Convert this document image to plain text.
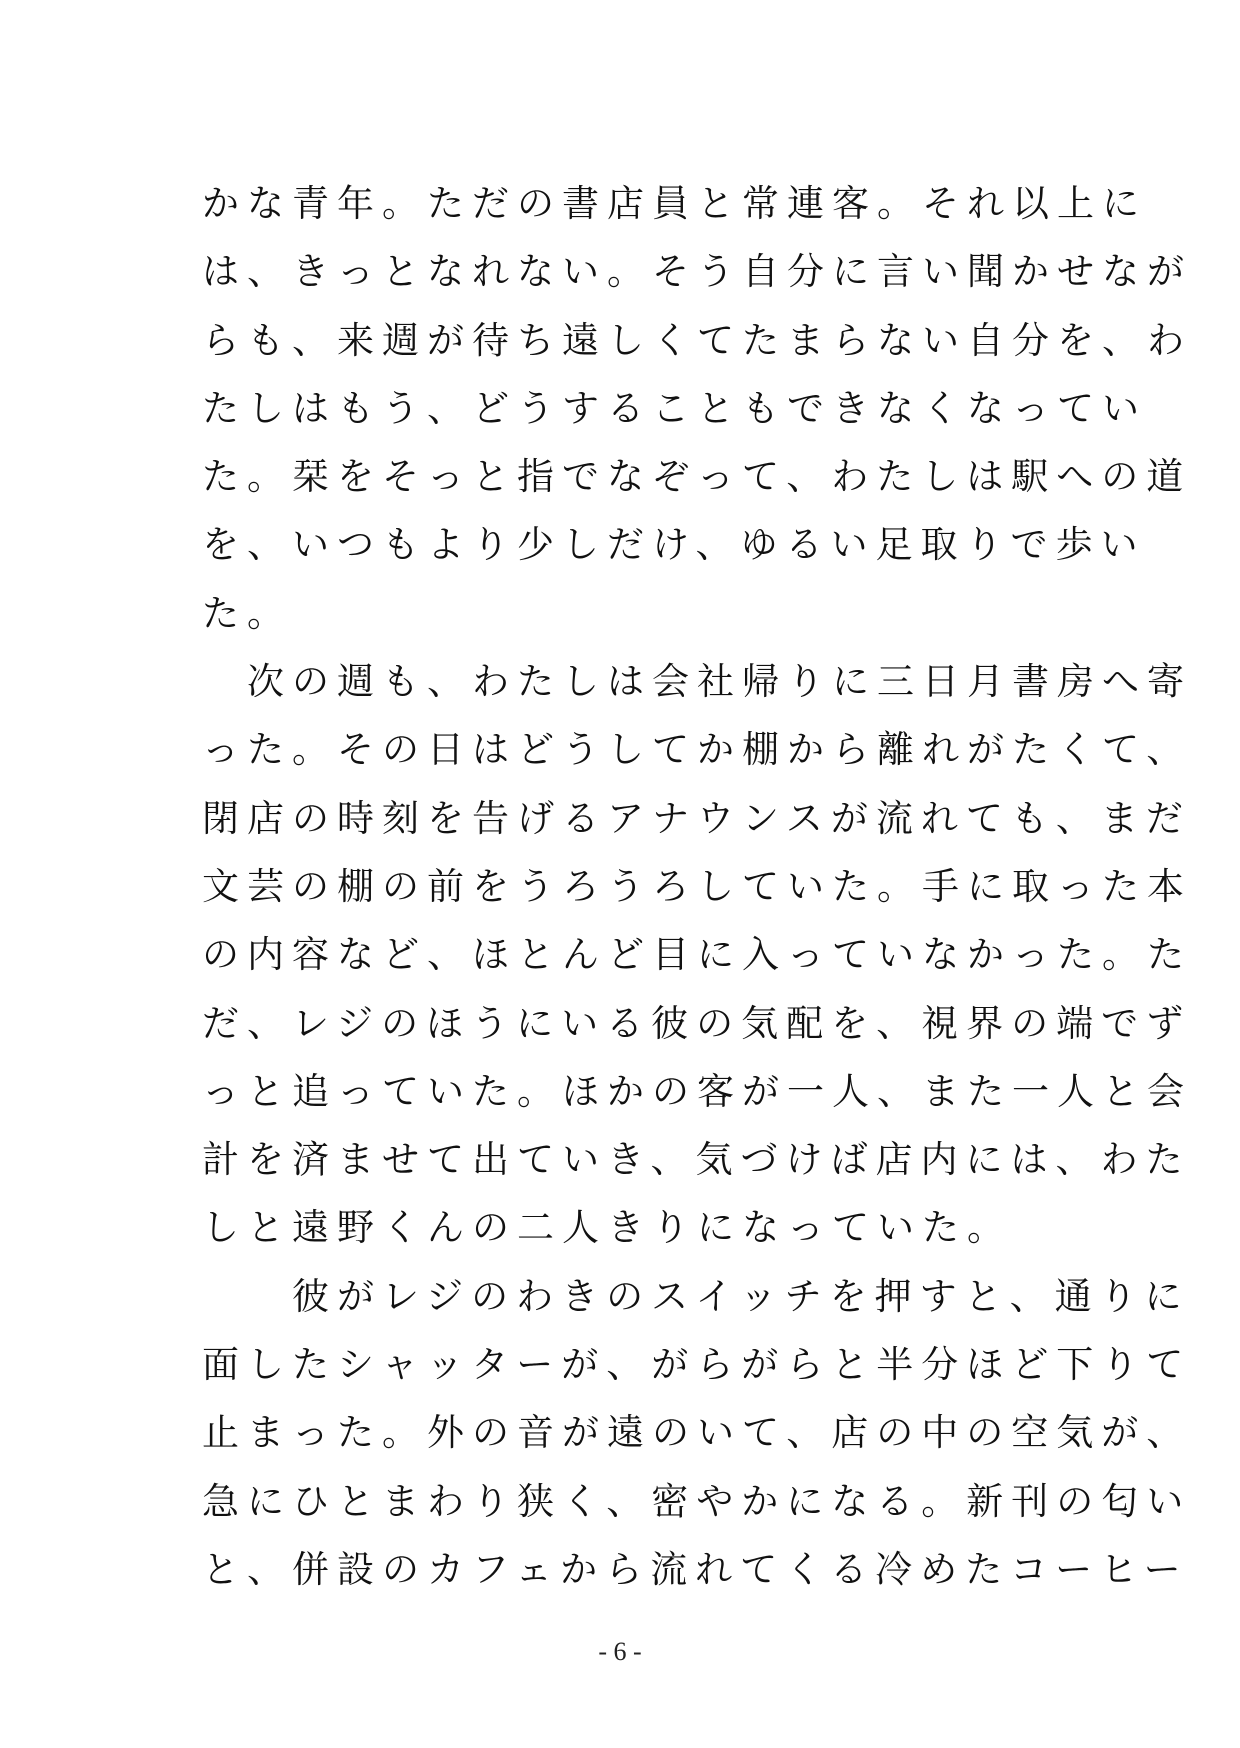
かな青年。ただの書店員と常連客。それ以上に
は、きっとなれない。そう自分に言い聞かせなが
らも、来週が待ち遠しくてたまらない自分を、わ
たしはもう、どうすることもできなくなってい
た。栞をそっと指でなぞって、わたしは駅への道
を、いつもより少しだけ、ゆるい足取りで歩い
た。
　次の週も、わたしは会社帰りに三日月書房へ寄
った。その日はどうしてか棚から離れがたくて、
閉店の時刻を告げるアナウンスが流れても、まだ
文芸の棚の前をうろうろしていた。手に取った本
の内容など、ほとんど目に入っていなかった。た
だ、レジのほうにいる彼の気配を、視界の端でず
っと追っていた。ほかの客が一人、また一人と会
計を済ませて出ていき、気づけば店内には、わた
しと遠野くんの二人きりになっていた。
　　彼がレジのわきのスイッチを押すと、通りに
面したシャッターが、がらがらと半分ほど下りて
止まった。外の音が遠のいて、店の中の空気が、
急にひとまわり狭く、密やかになる。新刊の匂い
と、併設のカフェから流れてくる冷めたコーヒー
- 6 -
